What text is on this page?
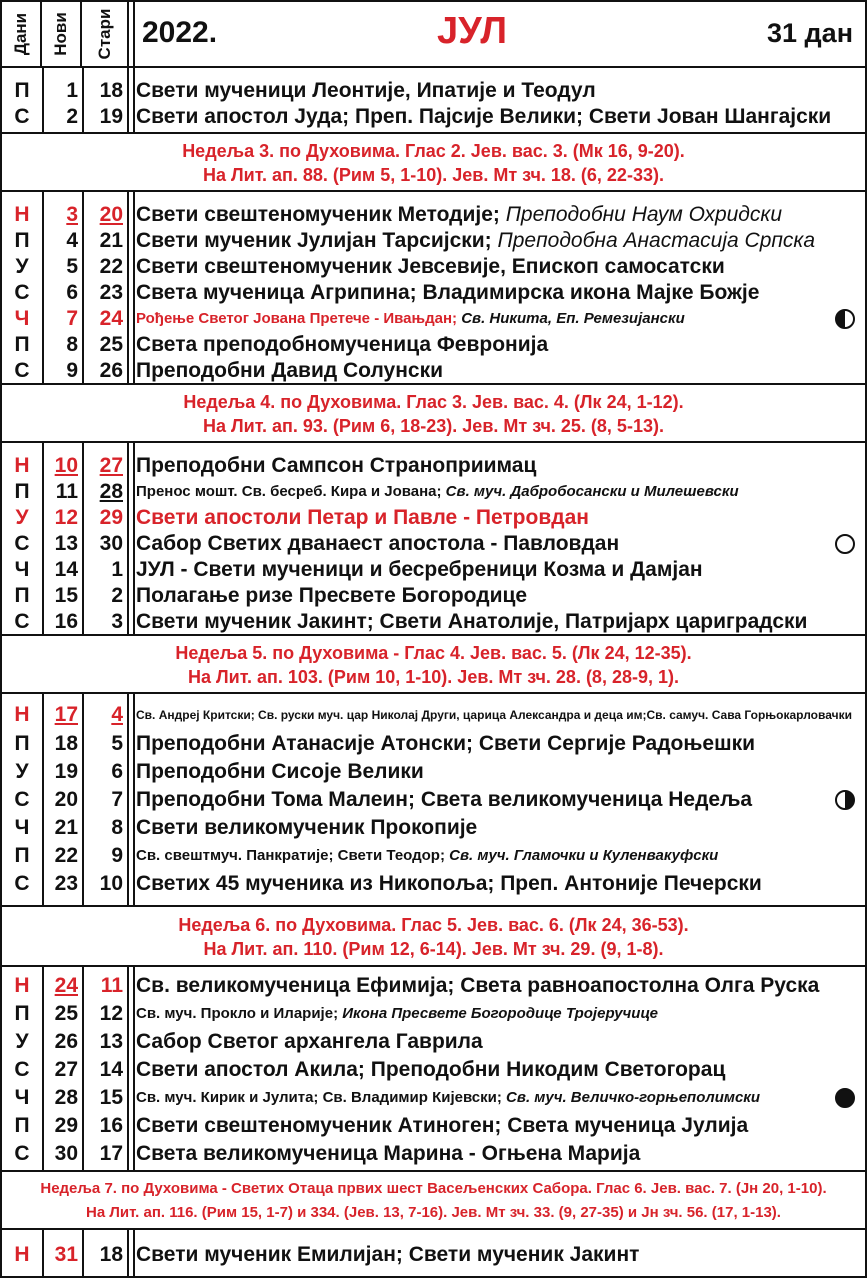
Дани Нови Стари 2022.	ЈУЛ	31 дан
П	1	18 Свети мученици Леонтије, Ипатије и Теодул
С	2	19 Свети апостол Јуда; Преп. Пајсије Велики; Свети Јован Шангајски
Недеља 3. по Духовима. Глас 2. Јев. вас. 3. (Мк 16, 9-20).
На Лит. ап. 88. (Рим 5, 1-10). Јев. Мт зч. 18. (6, 22-33).
Н	3	20 Свети свештеномученик Методије; Преподобни Наум Охридски
П	4	21 Свети мученик Јулијан Тарсијски; Преподобна Анастасија Српска
У	5	22 Свети свештеномученик Јевсевије, Епископ самосатски
С	6	23 Света мученица Агрипина; Владимирска икона Мајке Божје
Ч	7	24 Рођење Светог Јована Претече - Ивањдан; Св. Никита, Еп. Ремезијански
П	8	25 Света преподобномученица Февронија
С	9	26 Преподобни Давид Солунски
Недеља 4. по Духовима. Глас 3. Јев. вас. 4. (Лк 24, 1-12).
На Лит. ап. 93. (Рим 6, 18-23). Јев. Мт зч. 25. (8, 5-13).
Н	10	27 Преподобни Сампсон Страноприимац
П	11	28 Пренос мошт. Св. бесреб. Кира и Јована; Св. муч. Дабробосански и Милешевски
У	12	29 Свети апостоли Петар и Павле - Петровдан
С	13	30 Сабор Светих дванаест апостола - Павловдан
Ч	14	1 ЈУЛ - Свети мученици и бесребреници Козма и Дамјан
П	15	2 Полагање ризе Пресвете Богородице
С	16	3 Свети мученик Јакинт; Свети Анатолије, Патријарх цариградски
Недеља 5. по Духовима - Глас 4. Јев. вас. 5. (Лк 24, 12-35).
На Лит. ап. 103. (Рим 10, 1-10). Јев. Мт зч. 28. (8, 28-9, 1).
Н	17	4	Св. Андреј Критски; Св. руски муч. цар Николај Други, царица Александра и деца им;Св. самуч. Сава Горњокарловачки
П	18	5 Преподобни Атанасије Атонски; Свети Сергије Радоњешки
У	19	6 Преподобни Сисоје Велики
С	20	7 Преподобни Тома Малеин; Света великомученица Недеља
Ч	21	8 Свети великомученик Прокопије
П	22	9 Св. свештмуч. Панкратије; Свети Теодор; Св. муч. Гламочки и Куленвакуфски
С	23	10 Светих 45 мученика из Никопоља; Преп. Антоније Печерски
Недеља 6. по Духовима. Глас 5. Јев. вас. 6. (Лк 24, 36-53).
На Лит. ап. 110. (Рим 12, 6-14). Јев. Мт зч. 29. (9, 1-8).
Н	24	11 Св. великомученица Ефимија; Света равноапостолна Олга Руска
П	25	12 Св. муч. Прокло и Иларије; Икона Пресвете Богородице Тројеручице
У	26	13 Сабор Светог архангела Гаврила
С	27	14 Свети апостол Акила; Преподобни Никодим Светогорац
Ч	28	15 Св. муч. Кирик и Јулита; Св. Владимир Кијевски; Св. муч. Величко-горњеполимски
П	29	16 Свети свештеномученик Атиноген; Света мученица Јулија
С	30	17 Света великомученица Марина - Огњена Марија
Недеља 7. по Духовима - Светих Отаца првих шест Васељенских Сабора. Глас 6. Јев. вас. 7. (Јн 20, 1-10).
На Лит. ап. 116. (Рим 15, 1-7) и 334. (Јев. 13, 7-16). Јев. Мт зч. 33. (9, 27-35) и Јн зч. 56. (17, 1-13).
Н	31	18 Свети мученик Емилијан; Свети мученик Јакинт
